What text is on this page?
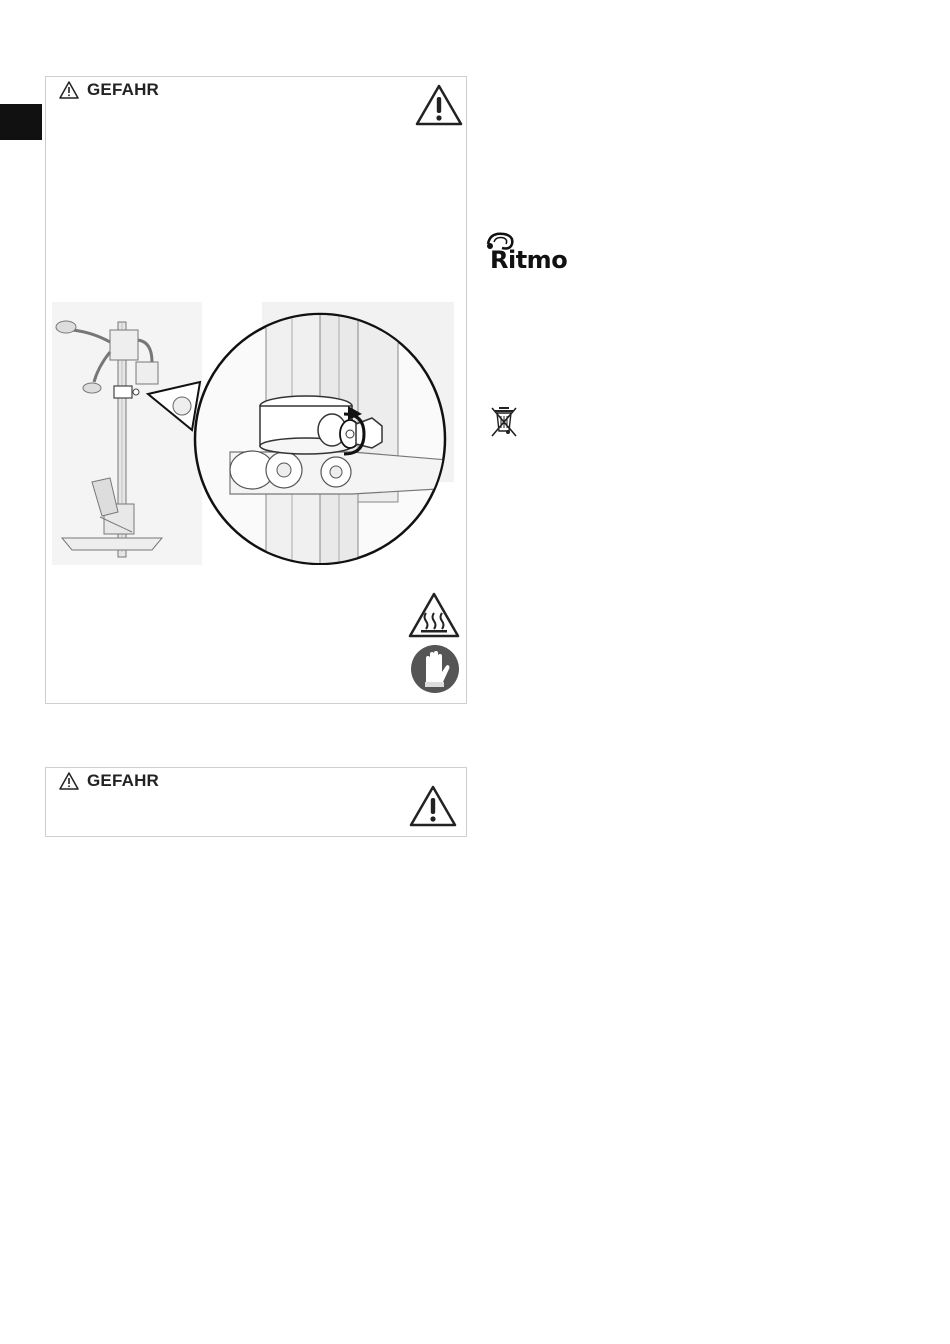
GEFAHR
GEFAHR
Ritmo
